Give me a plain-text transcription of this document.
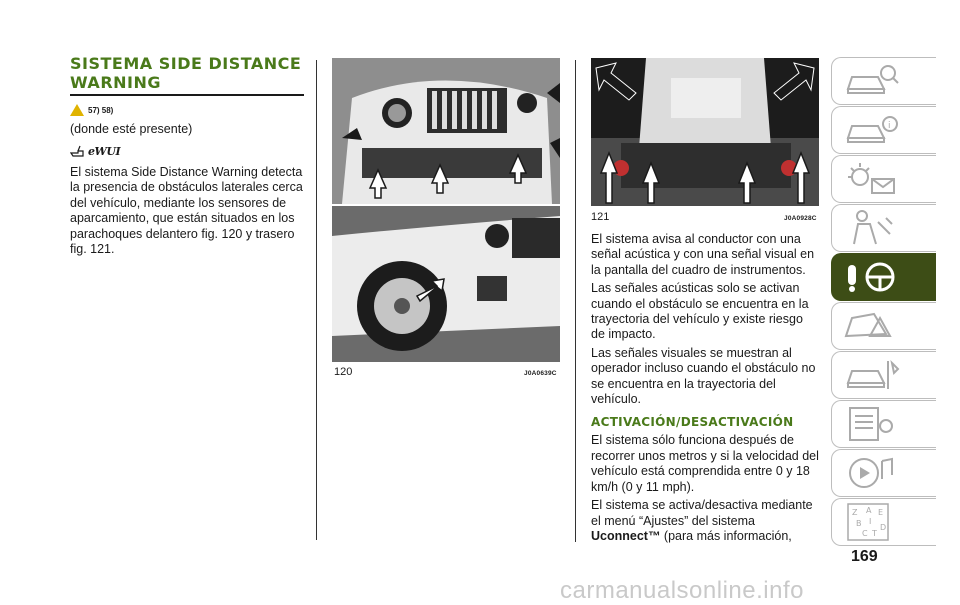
SISTEMA SIDE DISTANCE WARNING
57) 58)
(donde esté presente)
eWUI
El sistema Side Distance Warning detecta la presencia de obstáculos laterales cerca del vehículo, mediante los sensores de aparcamiento, que están situados en los parachoques delantero fig. 120 y trasero fig. 121.
120	J0A0639C
121	J0A0928C

El sistema avisa al conductor con una señal acústica y con una señal visual en la pantalla del cuadro de instrumentos.

Las señales acústicas solo se activan cuando el obstáculo se encuentra en la trayectoria del vehículo y existe riesgo de impacto.

Las señales visuales se muestran al operador incluso cuando el obstáculo no se encuentra en la trayectoria del vehículo.

ACTIVACIÓN/DESACTIVACIÓN

El sistema sólo funciona después de recorrer unos metros y si la velocidad del vehículo está comprendida entre 0 y 18 km/h (0 y 11 mph).

El sistema se activa/desactiva mediante el menú “Ajustes” del sistema
Uconnect™ (para más información,

i
Z A E
B I
C T
D
169
carmanualsonline.info
